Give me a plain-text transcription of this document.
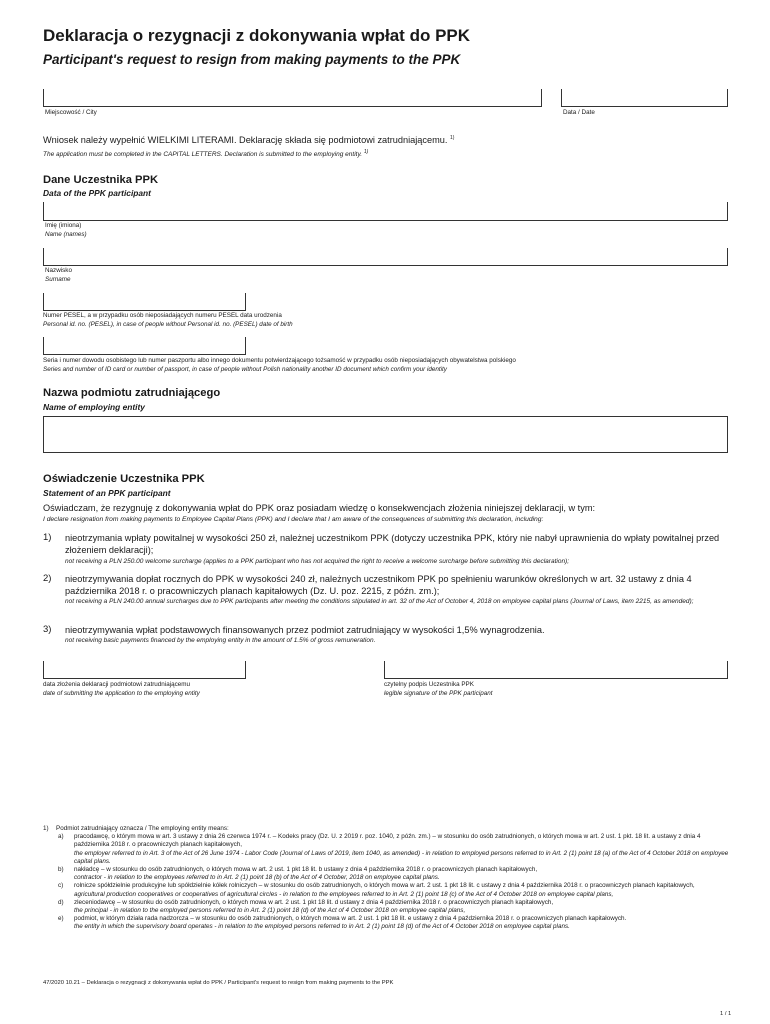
Deklaracja o rezygnacji z dokonywania wpłat do PPK
Participant's request to resign from making payments to the PPK
Miejscowość / City	Data / Date
Wniosek należy wypełnić WIELKIMI LITERAMI. Deklarację składa się podmiotowi zatrudniającemu. $^{1)}$
The application must be completed in the CAPITAL LETTERS. Declaration is submitted to the employing entity. $^{1)}$
Dane Uczestnika PPK
Data of the PPK participant
Imię (imiona)
Name (names)
Nazwisko
Surname
Numer PESEL, a w przypadku osób nieposiadających numeru PESEL data urodzenia
Personal id. no. (PESEL), in case of people without Personal id. no. (PESEL) date of birth
Seria i numer dowodu osobistego lub numer paszportu albo innego dokumentu potwierdzającego tożsamość w przypadku osób nieposiadających obywatelstwa polskiego
Series and number of ID card or number of passport, in case of people without Polish nationality another ID document which confirm your identity
Nazwa podmiotu zatrudniającego
Name of employing entity
Oświadczenie Uczestnika PPK
Statement of an PPK participant
Oświadczam, że rezygnuję z dokonywania wpłat do PPK oraz posiadam wiedzę o konsekwencjach złożenia niniejszej deklaracji, w tym:
I declare resignation from making payments to Employee Capital Plans (PPK) and I declare that I am aware of the consequences of submitting this declaration, including:
1) nieotrzymania wpłaty powitalnej w wysokości 250 zł, należnej uczestnikom PPK (dotyczy uczestnika PPK, który nie nabył uprawnienia do wpłaty powitalnej przed złożeniem deklaracji);
not receiving a PLN 250.00 welcome surcharge (applies to a PPK participant who has not acquired the right to receive a welcome surcharge before submitting this declaration);
2) nieotrzymywania dopłat rocznych do PPK w wysokości 240 zł, należnych uczestnikom PPK po spełnieniu warunków określonych w art. 32 ustawy z dnia 4 października 2018 r. o pracowniczych planach kapitałowych (Dz. U. poz. 2215, z późn. zm.);
not receiving a PLN 240.00 annual surcharges due to PPK participants after meeting the conditions stipulated in art. 32 of the Act of October 4, 2018 on employee capital plans (Journal of Laws, item 2215, as amended);
3) nieotrzymywania wpłat podstawowych finansowanych przez podmiot zatrudniający w wysokości 1,5% wynagrodzenia.
not receiving basic payments financed by the employing entity in the amount of 1.5% of gross remuneration.
data złożenia deklaracji podmiotowi zatrudniającemu
date of submitting the application to the employing entity
czytelny podpis Uczestnika PPK
legible signature of the PPK participant
1) Podmiot zatrudniający oznacza / The employing entity means:
a) pracodawcę, o którym mowa w art. 3 ustawy z dnia 26 czerwca 1974 r. – Kodeks pracy (Dz. U. z 2019 r. poz. 1040, z późn. zm.) – w stosunku do osób zatrudnionych, o których mowa w art. 2 ust. 1 pkt. 18 lit. a ustawy z dnia 4 października 2018 r. o pracowniczych planach kapitałowych,
the employer referred to in Art. 3 of the Act of 26 June 1974 - Labor Code (Journal of Laws of 2019, item 1040, as amended) - in relation to employed persons referred to in Art. 2 (1) point 18 (a) of the Act of 4 October 2018 on employee capital plans.
b) nakładcę – w stosunku do osób zatrudnionych, o których mowa w art. 2 ust. 1 pkt 18 lit. b ustawy z dnia 4 października 2018 r. o pracowniczych planach kapitałowych,
contractor - in relation to the employees referred to in Art. 2 (1) point 18 (b) of the Act of 4 October, 2018 on employee capital plans.
c) rolnicze spółdzielnie produkcyjne lub spółdzielnie kółek rolniczych – w stosunku do osób zatrudnionych, o których mowa w art. 2 ust. 1 pkt 18 lit. c ustawy z dnia 4 października 2018 r. o pracowniczych planach kapitałowych,
agricultural production cooperatives or cooperatives of agricultural circles - in relation to the employees referred to in Art. 2 (1) point 18 (c) of the Act of 4 October 2018 on employee capital plans,
d) zleceniodawcę – w stosunku do osób zatrudnionych, o których mowa w art. 2 ust. 1 pkt 18 lit. d ustawy z dnia 4 października 2018 r. o pracowniczych planach kapitałowych,
the principal - in relation to the employed persons referred to in Art. 2 (1) point 18 (d) of the Act of 4 October 2018 on employee capital plans,
e) podmiot, w którym działa rada nadzorcza – w stosunku do osób zatrudnionych, o których mowa w art. 2 ust. 1 pkt 18 lit. e ustawy z dnia 4 października 2018 r. o pracowniczych planach kapitałowych.
the entity in which the supervisory board operates - in relation to the employed persons referred to in Art. 2 (1) point 18 (d) of the Act of 4 October 2018 on employee capital plans.
47/2020 10.21 – Deklaracja o rezygnacji z dokonywania wpłat do PPK / Participant's request to resign from making payments to the PPK
1 / 1
